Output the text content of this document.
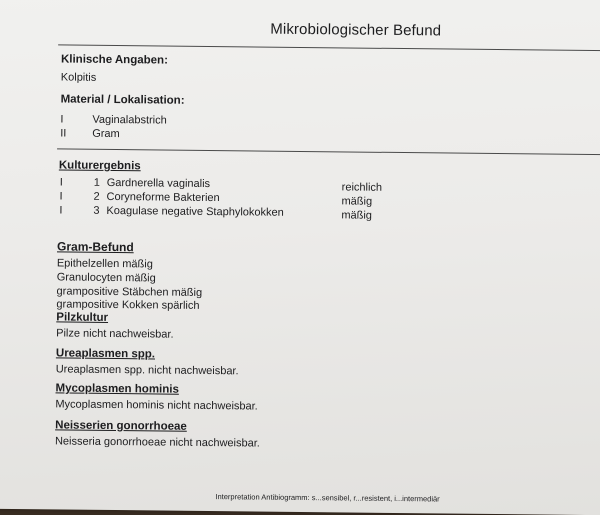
Mikrobiologischer Befund
Klinische Angaben:
Kolpitis
Material / Lokalisation:
I	Vaginalabstrich
II Gram
Kulturergebnis
I	1 Gardnerella vaginalis	reichlich
I	2 Coryneforme Bakterien	mäßig
I	3 Koagulase negative Staphylokokken	mäßig
Gram-Befund
Epithelzellen mäßig
Granulocyten mäßig
grampositive Stäbchen mäßig
grampositive Kokken spärlich
Pilzkultur
Pilze nicht nachweisbar.
Ureaplasmen spp.
Ureaplasmen spp. nicht nachweisbar.
Mycoplasmen hominis
Mycoplasmen hominis nicht nachweisbar.
Neisserien gonorrhoeae
Neisseria gonorrhoeae nicht nachweisbar.
Interpretation Antibiogramm: s...sensibel, r...resistent, i...intermediär
